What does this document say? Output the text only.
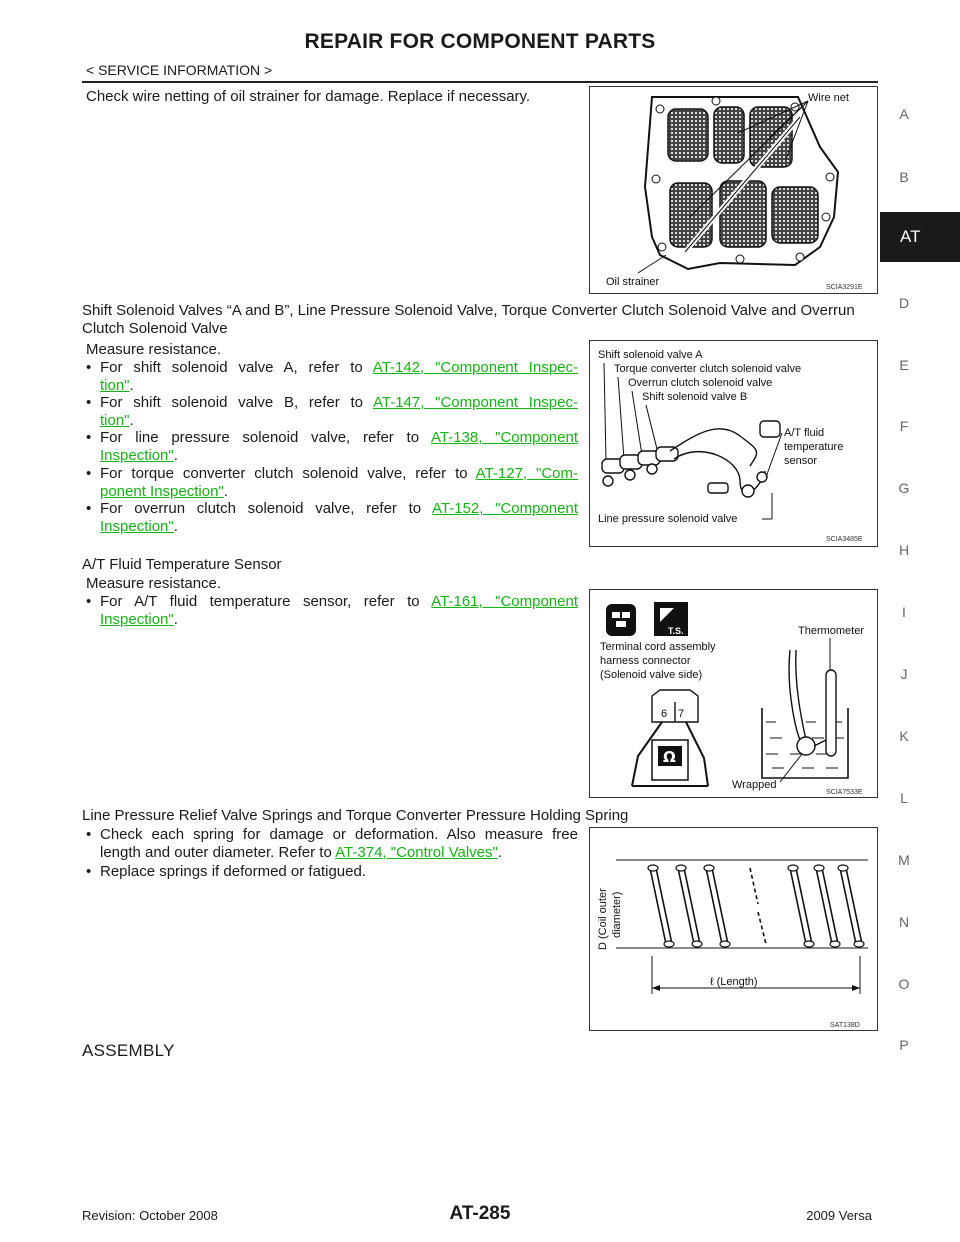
REPAIR FOR COMPONENT PARTS
< SERVICE INFORMATION >
A
B
AT
D
E
F
G
H
I
J
K
L
M
N
O
P
Check wire netting of oil strainer for damage. Replace if necessary.	Wire net
Oil strainer	SCIA3291E
Shift Solenoid Valves “A and B”, Line Pressure Solenoid Valve, Torque Converter Clutch Solenoid Valve and Overrun
Clutch Solenoid Valve
Measure resistance.
• For shift solenoid valve A, refer to AT-142, "Component Inspec-
tion".
• For shift solenoid valve B, refer to AT-147, "Component Inspec-
tion".
• For line pressure solenoid valve, refer to AT-138, "Component
Inspection".
• For torque converter clutch solenoid valve, refer to AT-127, "Com-
ponent Inspection".
• For overrun clutch solenoid valve, refer to AT-152, "Component
Inspection".
Shift solenoid valve A
Torque converter clutch solenoid valve
Overrun clutch solenoid valve
Shift solenoid valve B
A/T fluid
temperature
sensor
Line pressure solenoid valve
SCIA3485E
A/T Fluid Temperature Sensor
Measure resistance.
• For A/T fluid temperature sensor, refer to AT-161, "Component
Inspection".
T.S.
Terminal cord assembly
harness connector
(Solenoid valve side)
6 7
Ω
Thermometer
Wrapped
SCIA7533E
Line Pressure Relief Valve Springs and Torque Converter Pressure Holding Spring
• Check each spring for damage or deformation. Also measure free
length and outer diameter. Refer to AT-374, "Control Valves".
• Replace springs if deformed or fatigued.
ℓ (Length)
D (Coil outer diameter)
SAT138D
ASSEMBLY
Revision: October 2008	AT-285	2009 Versa
